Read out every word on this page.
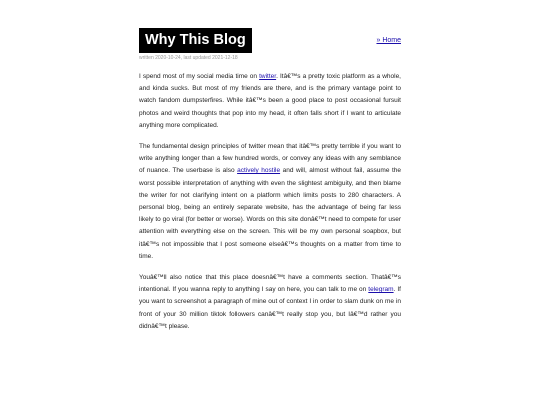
Why This Blog	» Home
written 2020-10-24, last updated 2021-12-18

I spend most of my social media time on twitter. Itâ€™s a pretty toxic platform as a whole, and kinda sucks. But most of my friends are there, and is the primary vantage point to watch fandom dumpsterfires. While itâ€™s been a good place to post occasional fursuit photos and weird thoughts that pop into my head, it often falls short if I want to articulate anything more complicated.

The fundamental design principles of twitter mean that itâ€™s pretty terrible if you want to write anything longer than a few hundred words, or convey any ideas with any semblance of nuance. The userbase is also actively hostile and will, almost without fail, assume the worst possible interpretation of anything with even the slightest ambiguity, and then blame the writer for not clarifying intent on a platform which limits posts to 280 characters. A personal blog, being an entirely separate website, has the advantage of being far less likely to go viral (for better or worse). Words on this site donâ€™t need to compete for user attention with everything else on the screen. This will be my own personal soapbox, but itâ€™s not impossible that I post someone elseâ€™s thoughts on a matter from time to time.

Youâ€™ll also notice that this place doesnâ€™t have a comments section. Thatâ€™s intentional. If you wanna reply to anything I say on here, you can talk to me on telegram. If you want to screenshot a paragraph of mine out of context I in order to slam dunk on me in front of your 30 million tiktok followers canâ€™t really stop you, but Iâ€™d rather you didnâ€™t please.
